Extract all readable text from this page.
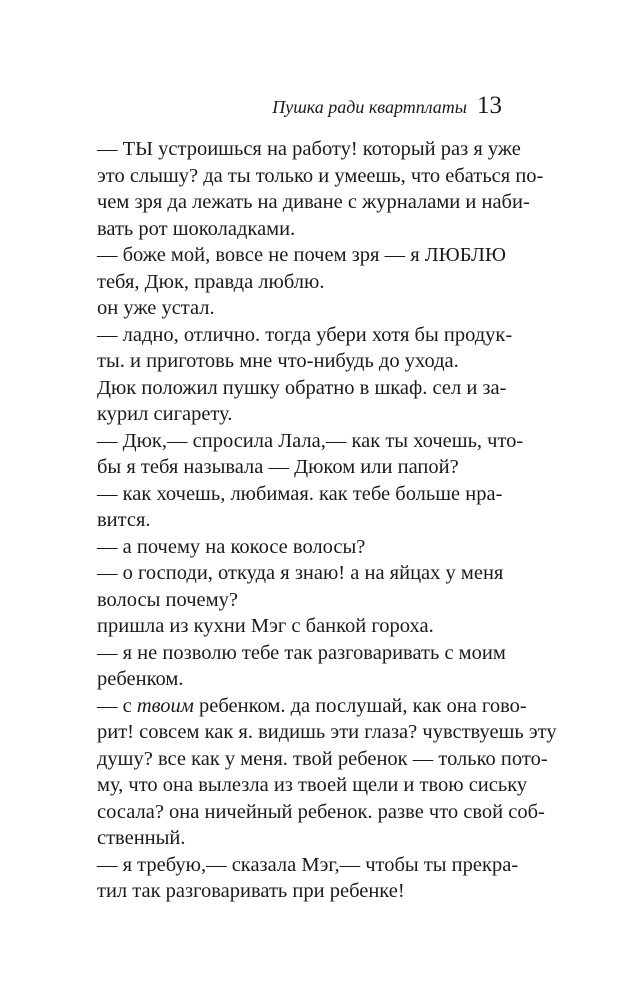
Пушка ради квартплаты 13
— ТЫ устроишься на работу! который раз я уже
это слышу? да ты только и умеешь, что ебаться по-
чем зря да лежать на диване с журналами и наби-
вать рот шоколадками.
— боже мой, вовсе не почем зря — я ЛЮБЛЮ
тебя, Дюк, правда люблю.
он уже устал.
— ладно, отлично. тогда убери хотя бы продук-
ты. и приготовь мне что-нибудь до ухода.
Дюк положил пушку обратно в шкаф. сел и за-
курил сигарету.
— Дюк,— спросила Лала,— как ты хочешь, что-
бы я тебя называла — Дюком или папой?
— как хочешь, любимая. как тебе больше нра-
вится.
— а почему на кокосе волосы?
— о господи, откуда я знаю! а на яйцах у меня
волосы почему?
пришла из кухни Мэг с банкой гороха.
— я не позволю тебе так разговаривать с моим
ребенком.
— с твоим ребенком. да послушай, как она гово-
рит! совсем как я. видишь эти глаза? чувствуешь эту
душу? все как у меня. твой ребенок — только пото-
му, что она вылезла из твоей щели и твою сиську
сосала? она ничейный ребенок. разве что свой соб-
ственный.
— я требую,— сказала Мэг,— чтобы ты прекра-
тил так разговаривать при ребенке!
